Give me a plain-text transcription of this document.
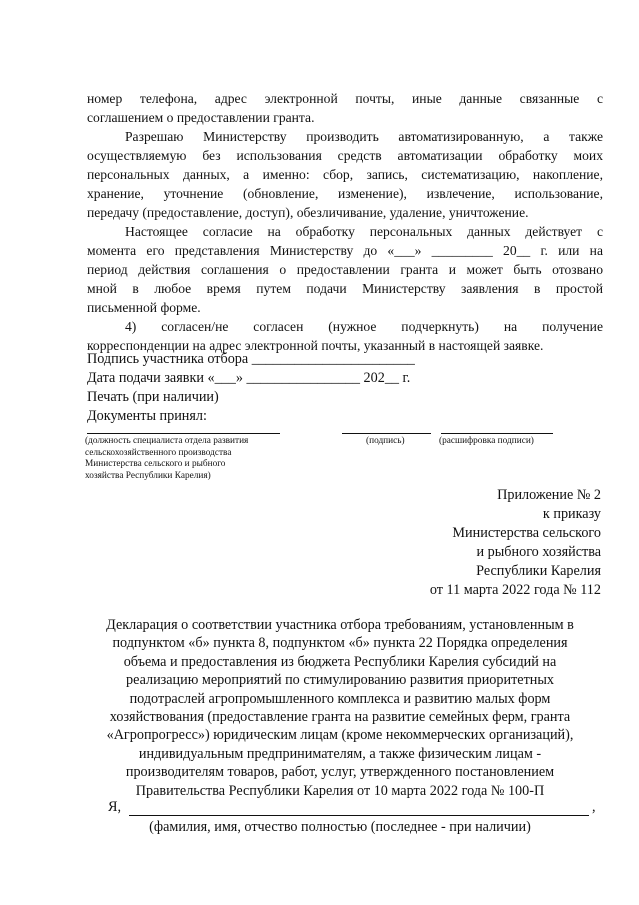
номер телефона, адрес электронной почты, иные данные связанные с
соглашением о предоставлении гранта.
Разрешаю Министерству производить автоматизированную, а также
осуществляемую без использования средств автоматизации обработку моих
персональных данных, а именно: сбор, запись, систематизацию, накопление,
хранение, уточнение (обновление, изменение), извлечение, использование,
передачу (предоставление, доступ), обезличивание, удаление, уничтожение.
Настоящее согласие на обработку персональных данных действует с
момента его представления Министерству до «___» _________ 20__ г. или на
период действия соглашения о предоставлении гранта и может быть отозвано
мной в любое время путем подачи Министерству заявления в простой
письменной форме.
4) согласен/не согласен (нужное подчеркнуть) на получение
корреспонденции на адрес электронной почты, указанный в настоящей заявке.
Подпись участника отбора _______________________
Дата подачи заявки «___» ________________ 202__ г.
Печать (при наличии)
Документы принял:
(должность специалиста отдела развития
сельскохозяйственного производства
Министерства сельского и рыбного
хозяйства Республики Карелия)
(подпись)	(расшифровка подписи)
Приложение № 2
к приказу
Министерства сельского
и рыбного хозяйства
Республики Карелия
от 11 марта 2022 года № 112
Декларация о соответствии участника отбора требованиям, установленным в
подпунктом «б» пункта 8, подпунктом «б» пункта 22 Порядка определения
объема и предоставления из бюджета Республики Карелия субсидий на
реализацию мероприятий по стимулированию развития приоритетных
подотраслей агропромышленного комплекса и развитию малых форм
хозяйствования (предоставление гранта на развитие семейных ферм, гранта
«Агропрогресс») юридическим лицам (кроме некоммерческих организаций),
индивидуальным предпринимателям, а также физическим лицам -
производителям товаров, работ, услуг, утвержденного постановлением
Правительства Республики Карелия от 10 марта 2022 года № 100-П
Я,	,
(фамилия, имя, отчество полностью (последнее - при наличии)
